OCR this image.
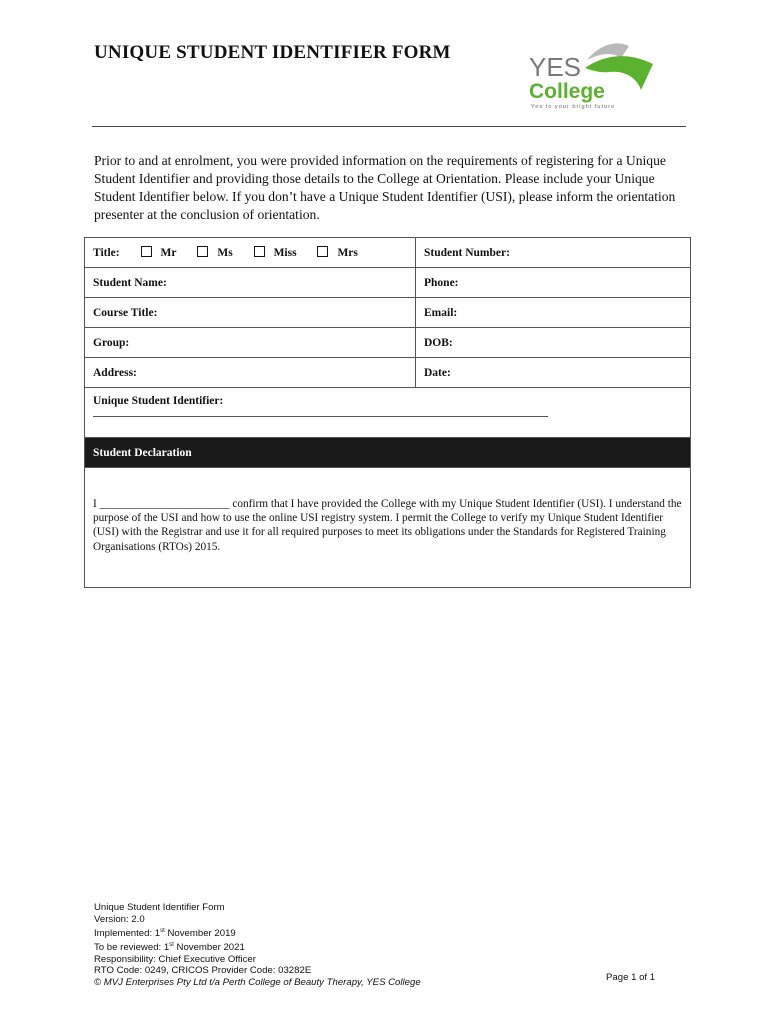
UNIQUE STUDENT IDENTIFIER FORM	YES
College
Yes to your bright future
Prior to and at enrolment, you were provided information on the requirements of registering for a Unique Student Identifier and providing those details to the College at Orientation. Please include your Unique Student Identifier below. If you don’t have a Unique Student Identifier (USI), please inform the orientation presenter at the conclusion of orientation.
Title: Mr Ms Miss Mrs	Student Number:
Student Name:	Phone:
Course Title:	Email:
Group:	DOB:
Address:	Date:
Unique Student Identifier:	

Student Declaration	
I _______________________ confirm that I have provided the College with my Unique Student Identifier (USI). I understand the purpose of the USI and how to use the online USI registry system. I permit the College to verify my Unique Student Identifier (USI) with the Registrar and use it for all required purposes to meet its obligations under the Standards for Registered Training Organisations (RTOs) 2015.	
Unique Student Identifier Form
Version: 2.0
Implemented: 1st November 2019
To be reviewed: 1st November 2021
Responsibility: Chief Executive Officer
RTO Code: 0249, CRICOS Provider Code: 03282E
© MVJ Enterprises Pty Ltd t/a Perth College of Beauty Therapy, YES College	Page 1 of 1
